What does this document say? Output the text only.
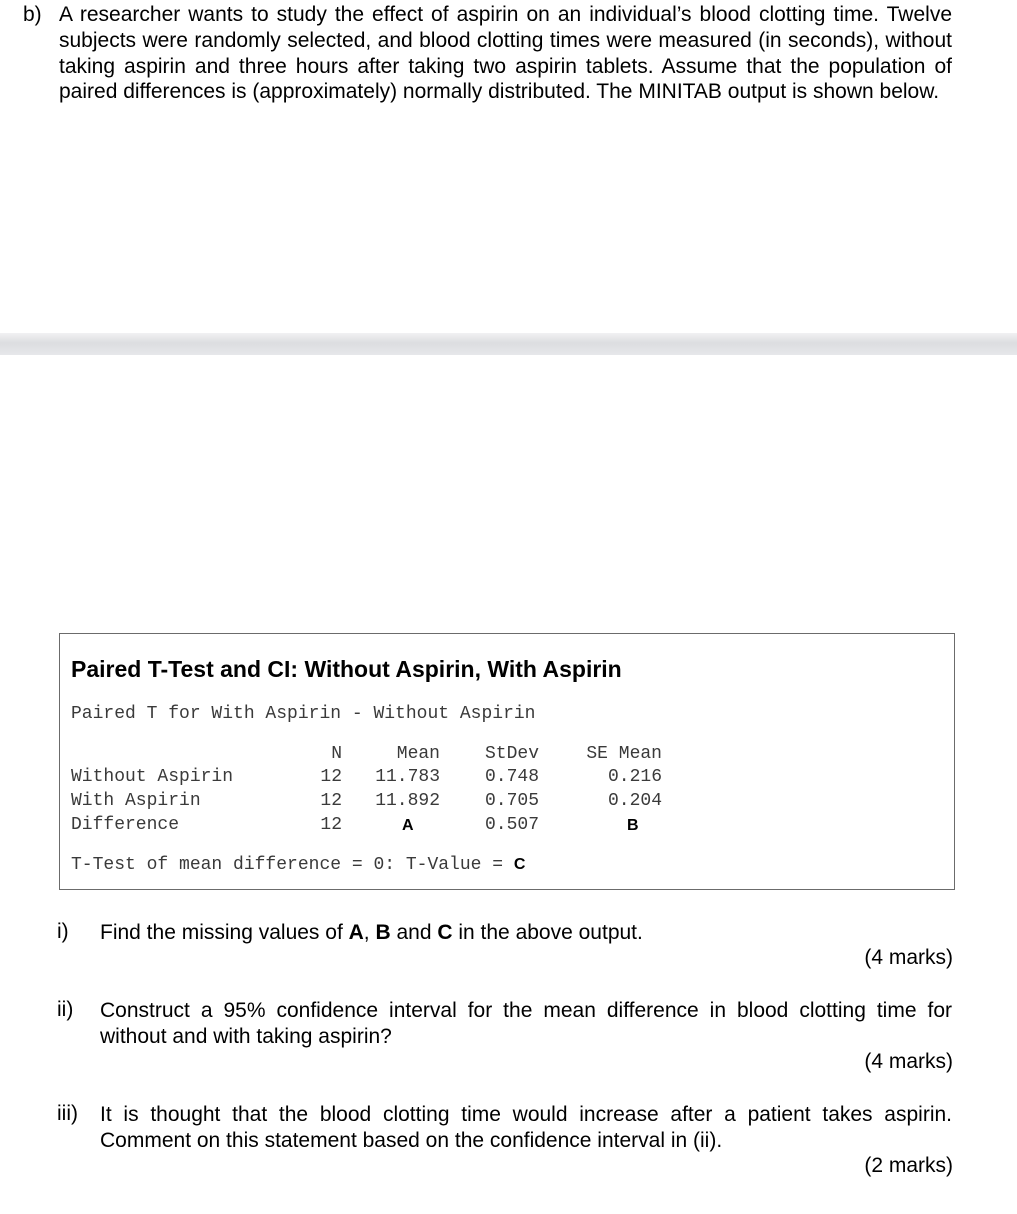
b) A researcher wants to study the effect of aspirin on an individual’s blood clotting time. Twelve subjects were randomly selected, and blood clotting times were measured (in seconds), without taking aspirin and three hours after taking two aspirin tablets. Assume that the population of paired differences is (approximately) normally distributed. The MINITAB output is shown below.
Paired T-Test and CI: Without Aspirin, With Aspirin
Paired T for With Aspirin - Without Aspirin
N	Mean StDev	SE Mean
Without Aspirin	12 11.783 0.748	0.216
With Aspirin	12 11.892 0.705	0.204
Difference	12	A	0.507	B
T-Test of mean difference = 0: T-Value = C
i) Find the missing values of A, B and C in the above output.
(4 marks)
ii) Construct a 95% confidence interval for the mean difference in blood clotting time for without and with taking aspirin?
(4 marks)
iii) It is thought that the blood clotting time would increase after a patient takes aspirin. Comment on this statement based on the confidence interval in (ii).
(2 marks)
